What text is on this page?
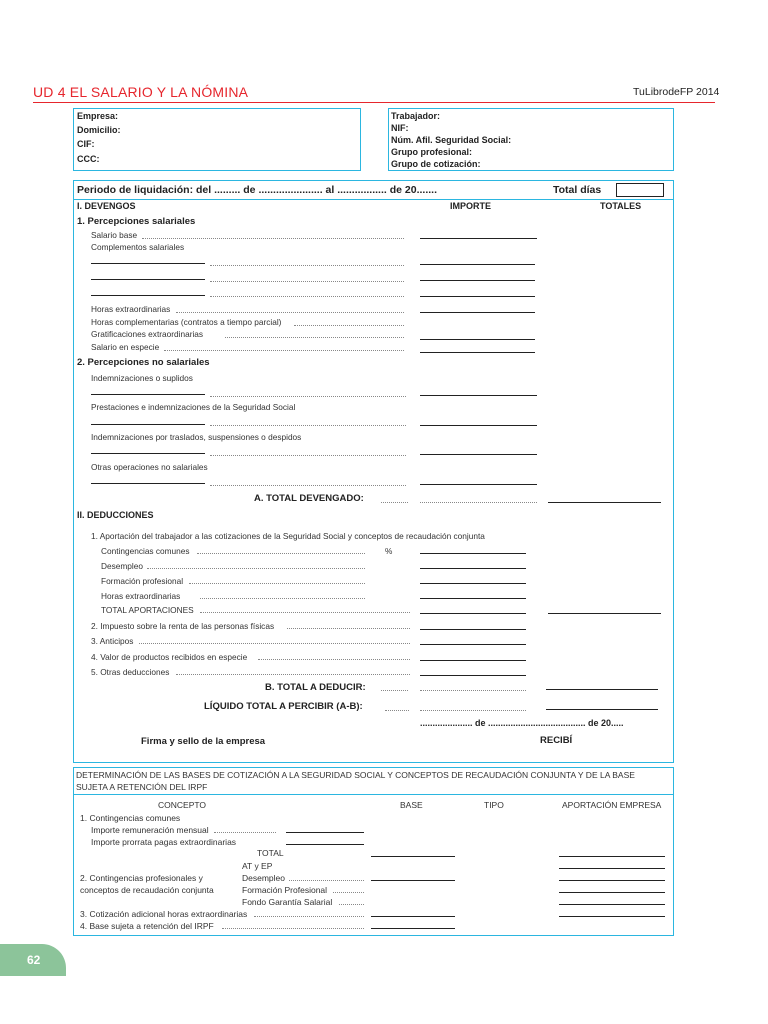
UD 4 EL SALARIO Y LA NÓMINA	TuLibrodeFP 2014
Empresa:
Domicilio:
CIF:
CCC:
Trabajador:
NIF:
Núm. Afil. Seguridad Social:
Grupo profesional:
Grupo de cotización:
Periodo de liquidación: del ......... de ...................... al ................. de 20.......	Total días
I. DEVENGOS	IMPORTE	TOTALES
1. Percepciones salariales
Salario base
Complementos salariales
Horas extraordinarias
Horas complementarias (contratos a tiempo parcial)
Gratificaciones extraordinarias
Salario en especie
2. Percepciones no salariales
Indemnizaciones o suplidos
Prestaciones e indemnizaciones de la Seguridad Social
Indemnizaciones por traslados, suspensiones o despidos
Otras operaciones no salariales
A. TOTAL DEVENGADO:
II. DEDUCCIONES
1. Aportación del trabajador a las cotizaciones de la Seguridad Social y conceptos de recaudación conjunta
Contingencias comunes	%
Desempleo
Formación profesional
Horas extraordinarias
TOTAL APORTACIONES
2. Impuesto sobre la renta de las personas físicas
3. Anticipos
4. Valor de productos recibidos en especie
5. Otras deducciones
B. TOTAL A DEDUCIR:
LÍQUIDO TOTAL A PERCIBIR (A-B):
..................... de ....................................... de 20.....
Firma y sello de la empresa	RECIBÍ
DETERMINACIÓN DE LAS BASES DE COTIZACIÓN A LA SEGURIDAD SOCIAL Y CONCEPTOS DE RECAUDACIÓN CONJUNTA Y DE LA BASE
SUJETA A RETENCIÓN DEL IRPF
CONCEPTO	BASE	TIPO	APORTACIÓN EMPRESA
1. Contingencias comunes
Importe remuneración mensual
Importe prorrata pagas extraordinarias
TOTAL
AT y EP
2. Contingencias profesionales y
conceptos de recaudación conjunta
Desempleo
Formación Profesional
Fondo Garantía Salarial
3. Cotización adicional horas extraordinarias
4. Base sujeta a retención del IRPF
62
